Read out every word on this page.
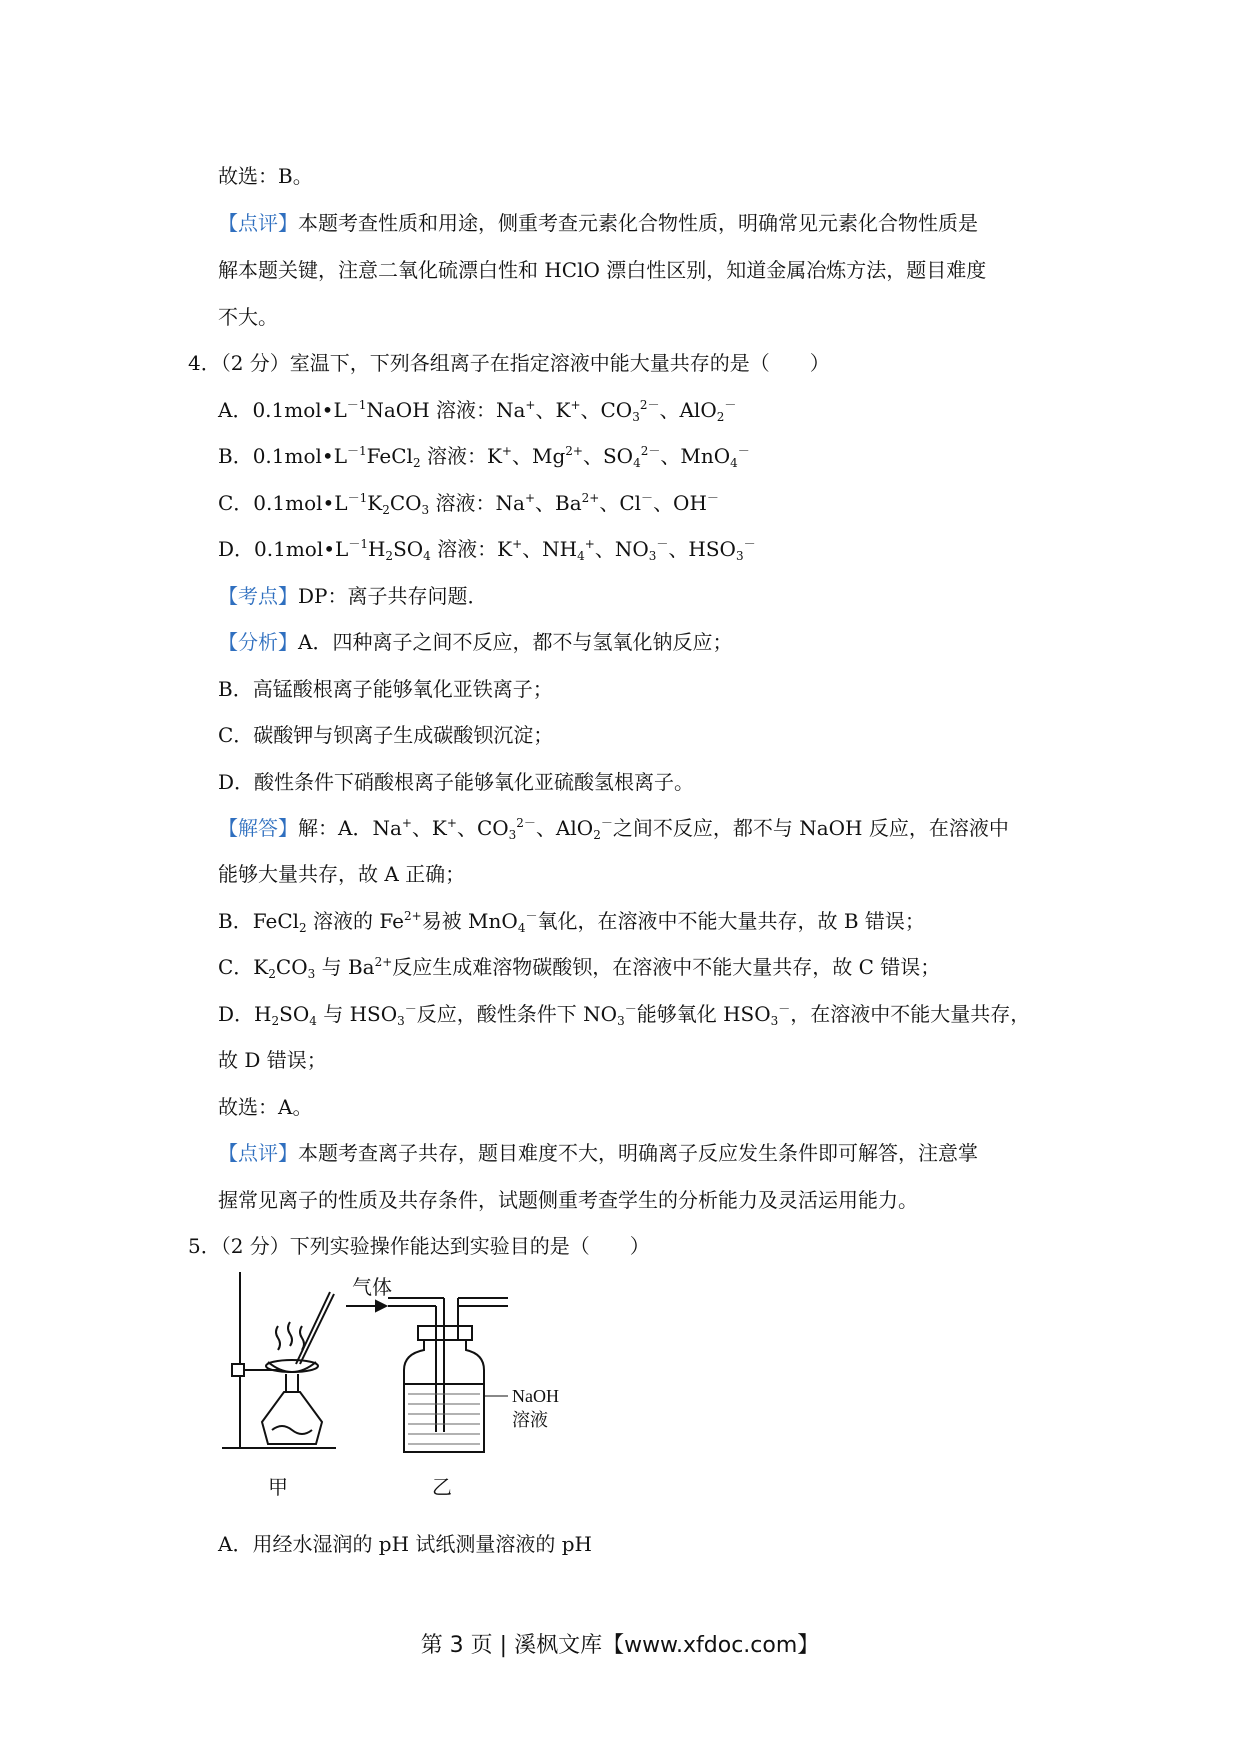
故选：B。
【点评】本题考查性质和用途，侧重考查元素化合物性质，明确常见元素化合物性质是
解本题关键，注意二氧化硫漂白性和 HClO 漂白性区别，知道金属冶炼方法，题目难度
不大。
4．（2 分）室温下，下列各组离子在指定溶液中能大量共存的是（　　）
A．$0.1mol•L^{-1}NaOH$ 溶液：Na+、K+、$CO_3^{2-}$、AlO$_2$－
B．$0.1mol•L^{-1}FeCl_2$ 溶液：K+、$Mg^{2+}$、$SO_4^{2-}$、MnO$_4$－
C．$0.1mol•L^{-1}K_2CO_3$ 溶液：Na+、$Ba^{2+}$、Cl－、OH－
D．$0.1mol•L^{-1}H_2SO_4$ 溶液：K+、$NH_4^+$、$NO_3^-$、$HSO_3^-$
【考点】DP：离子共存问题．
【分析】A．四种离子之间不反应，都不与氢氧化钠反应；
B．高锰酸根离子能够氧化亚铁离子；
C．碳酸钾与钡离子生成碳酸钡沉淀；
D．酸性条件下硝酸根离子能够氧化亚硫酸氢根离子。
【解答】解：A．Na+、K+、$CO_3^{2-}$、AlO$_2$－之间不反应，都不与 NaOH 反应，在溶液中
能够大量共存，故 A 正确；
B．FeCl$_2$ 溶液的 $Fe^{2+}$易被 MnO$_4$－氧化，在溶液中不能大量共存，故 B 错误；
C．$K_2CO_3$ 与 $Ba^{2+}$反应生成难溶物碳酸钡，在溶液中不能大量共存，故 C 错误；
D．$H_2SO_4$ 与 $HSO_3^-$反应，酸性条件下 $NO_3^-$能够氧化 $HSO_3^-$，在溶液中不能大量共存，
故 D 错误；
故选：A。
【点评】本题考查离子共存，题目难度不大，明确离子反应发生条件即可解答，注意掌
握常见离子的性质及共存条件，试题侧重考查学生的分析能力及灵活运用能力。
5．（2 分）下列实验操作能达到实验目的是（　　）
气体
NaOH
溶液
甲	乙
A．用经水湿润的 pH 试纸测量溶液的 pH
第 3 页 | 溪枫文库【www.xfdoc.com】
